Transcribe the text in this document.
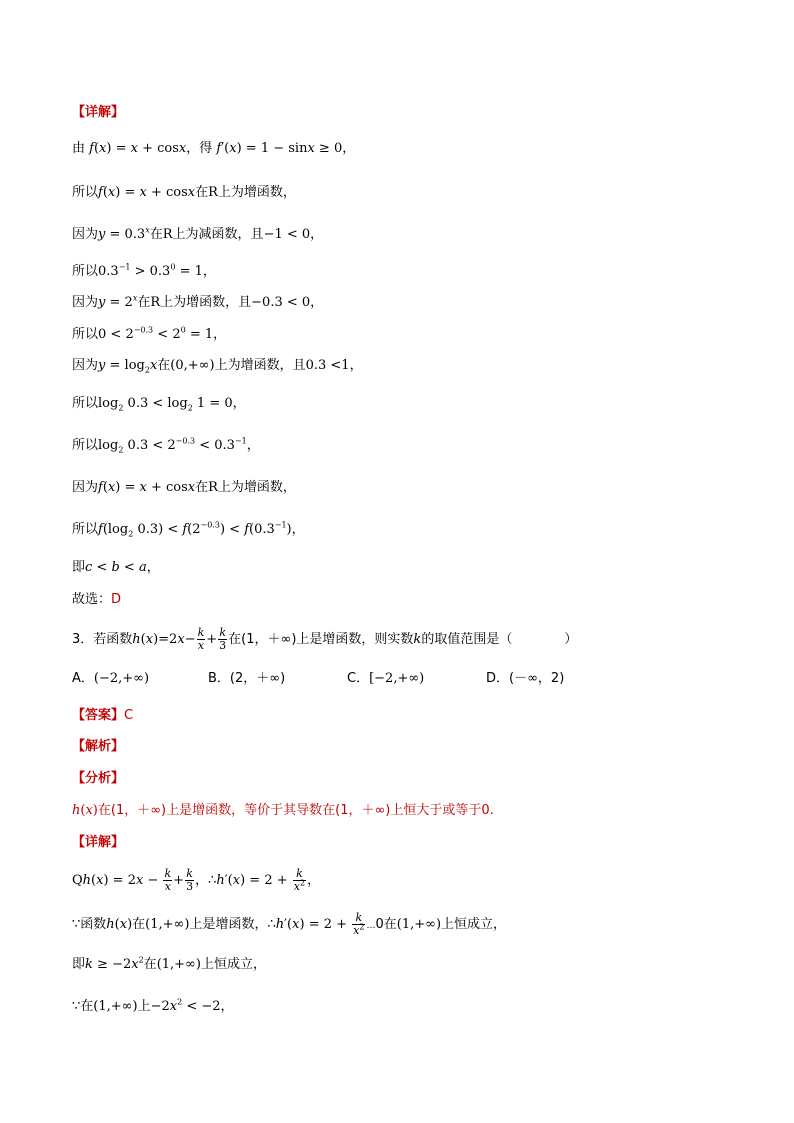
【详解】
由 f(x) = x + cosx，得 f′(x) = 1 − sinx ≥ 0，
所以f(x) = x + cosx在R上为增函数，
因为$y = 0.3^x$在R上为减函数，且−1 < 0，
所以$0.3^{-1} > 0.3^0 = 1$，
因为$y = 2^x$在R上为增函数，且−0.3 < 0，
所以$0 < 2^{-0.3} < 2^0 = 1$，
因为$y = \log_2x$在(0,+∞)上为增函数，且0.3 <1，
所以$\log_2 0.3 < \log_2 1 = 0$，
所以$\log_2 0.3 < 2^{-0.3} < 0.3^{-1}$，
因为f(x) = x + cosx在R上为增函数，
所以$f(\log_2$ $0.3) < f(2^{-0.3}) < f(0.3^{-1})$，
即c < b < a，
故选：D
3．若函数$h(x)=2x- \frac{k}{x} + \frac{k}{3}$ 在(1，＋∞)上是增函数，则实数k的取值范围是（　　　　）
A．(−2,+∞)	B．(2，＋∞)	C．[−2,+∞)	D．(－∞，2)
【答案】C
【解析】
【分析】
h(x)在(1，＋∞)上是增函数，等价于其导数在(1，＋∞)上恒大于或等于0.
【详解】
$Qh(x) = 2x - \frac{k}{x} + \frac{k}{3}$ ，∴h′(x) = $2 + \frac{k}{x^2}$ ，
∵函数h(x)在(1,+∞)上是增函数，∴h′(x) = $2 + \frac{k}{x^2}$ …0在(1,+∞)上恒成立，
即$k \ge -2x^2$在(1,+∞)上恒成立，
∵在(1,+∞)上$-2x^2 < -2$，
